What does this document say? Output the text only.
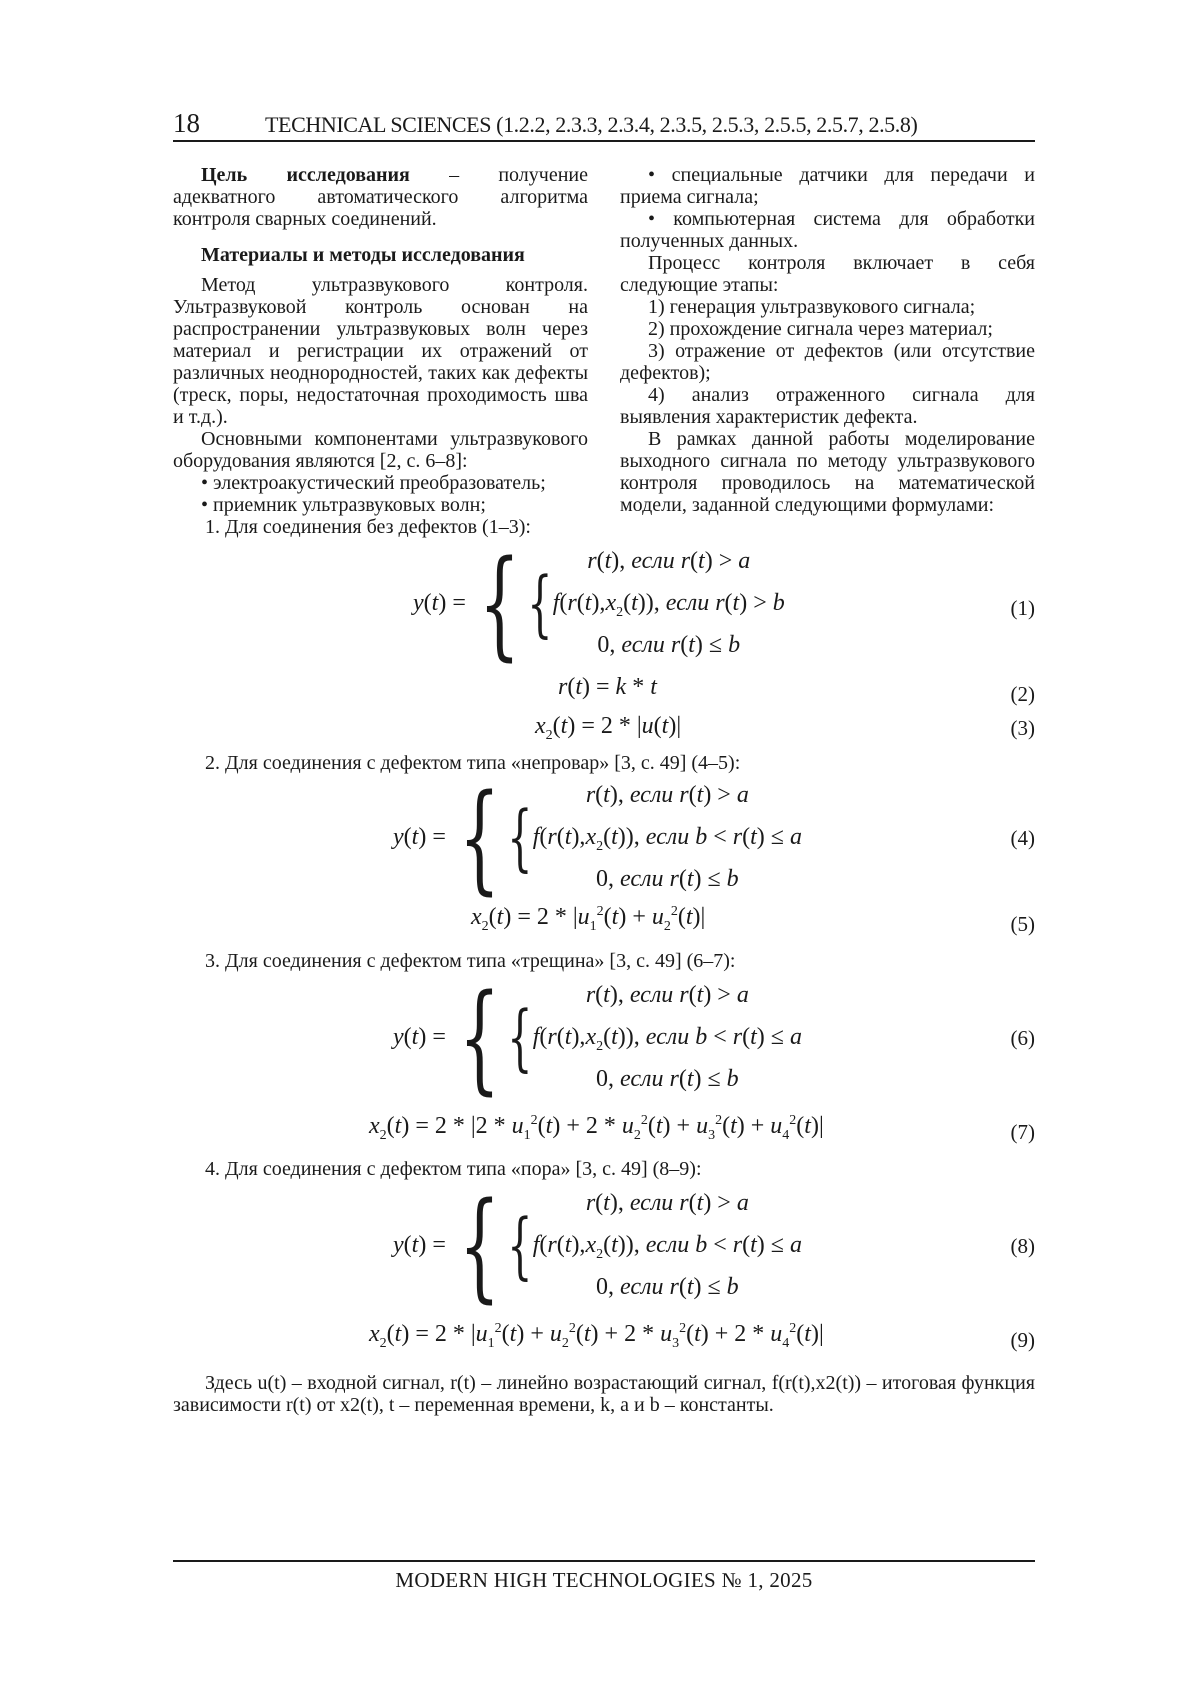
18	TECHNICAL SCIENCES (1.2.2, 2.3.3, 2.3.4, 2.3.5, 2.5.3, 2.5.5, 2.5.7, 2.5.8)

Цель исследования – получение адекватного автоматического алгоритма контроля сварных соединений.

Материалы и методы исследования

Метод ультразвукового контроля. Ультразвуковой контроль основан на распространении ультразвуковых волн через материал и регистрации их отражений от различных неоднородностей, таких как дефекты (треск, поры, недостаточная проходимость шва и т.д.).

Основными компонентами ультразвукового оборудования являются [2, с. 6–8]:

• электроакустический преобразователь;

• приемник ультразвуковых волн;

• специальные датчики для передачи и приема сигнала;

• компьютерная система для обработки полученных данных.

Процесс контроля включает в себя следующие этапы:

1) генерация ультразвукового сигнала;

2) прохождение сигнала через материал;

3) отражение от дефектов (или отсутствие дефектов);

4) анализ отраженного сигнала для выявления характеристик дефекта.

В рамках данной работы моделирование выходного сигнала по методу ультразвукового контроля проводилось на математической модели, заданной следующими формулами:

1. Для соединения без дефектов (1–3):
y ( t ) = { {	r(t), если r(t) > a
$f(r(t),x_2(t))$, если r(t) > b
0, если r(t) ≤ b
(1)
r(t) = k * t	(2)
$x_2(t) = 2 * |u(t)|$	(3)
2. Для соединения с дефектом типа «непровар» [3, с. 49] (4–5):
y ( t ) = { {	r(t), если r(t) > a
$f(r(t),x_2(t))$, если b < r(t) ≤ a
0, если r(t) ≤ b
(4)
$x_2(t) = 2 * |u_1^2(t) + u_2^2(t)|$	(5)
3. Для соединения с дефектом типа «трещина» [3, с. 49] (6–7):
y ( t ) = { {	r(t), если r(t) > a
$f(r(t),x_2(t))$, если b < r(t) ≤ a
0, если r(t) ≤ b
(6)
$x_2(t) = 2 * |2 * u_1^2(t) + 2 * u_2^2(t) + u_3^2(t) + u_4^2(t)|$	(7)
4. Для соединения с дефектом типа «пора» [3, с. 49] (8–9):
y ( t ) = { {	r(t), если r(t) > a
$f(r(t),x_2(t))$, если b < r(t) ≤ a
0, если r(t) ≤ b
(8)
$x_2(t) = 2 * |u_1^2(t) + u_2^2(t) + 2 * u_3^2(t) + 2 * u_4^2(t)|$	(9)
Здесь u(t) – входной сигнал, r(t) – линейно возрастающий сигнал, f(r(t),x2(t)) – итоговая функция зависимости r(t) от x2(t), t – переменная времени, k, a и b – константы.
MODERN HIGH TECHNOLOGIES № 1, 2025
